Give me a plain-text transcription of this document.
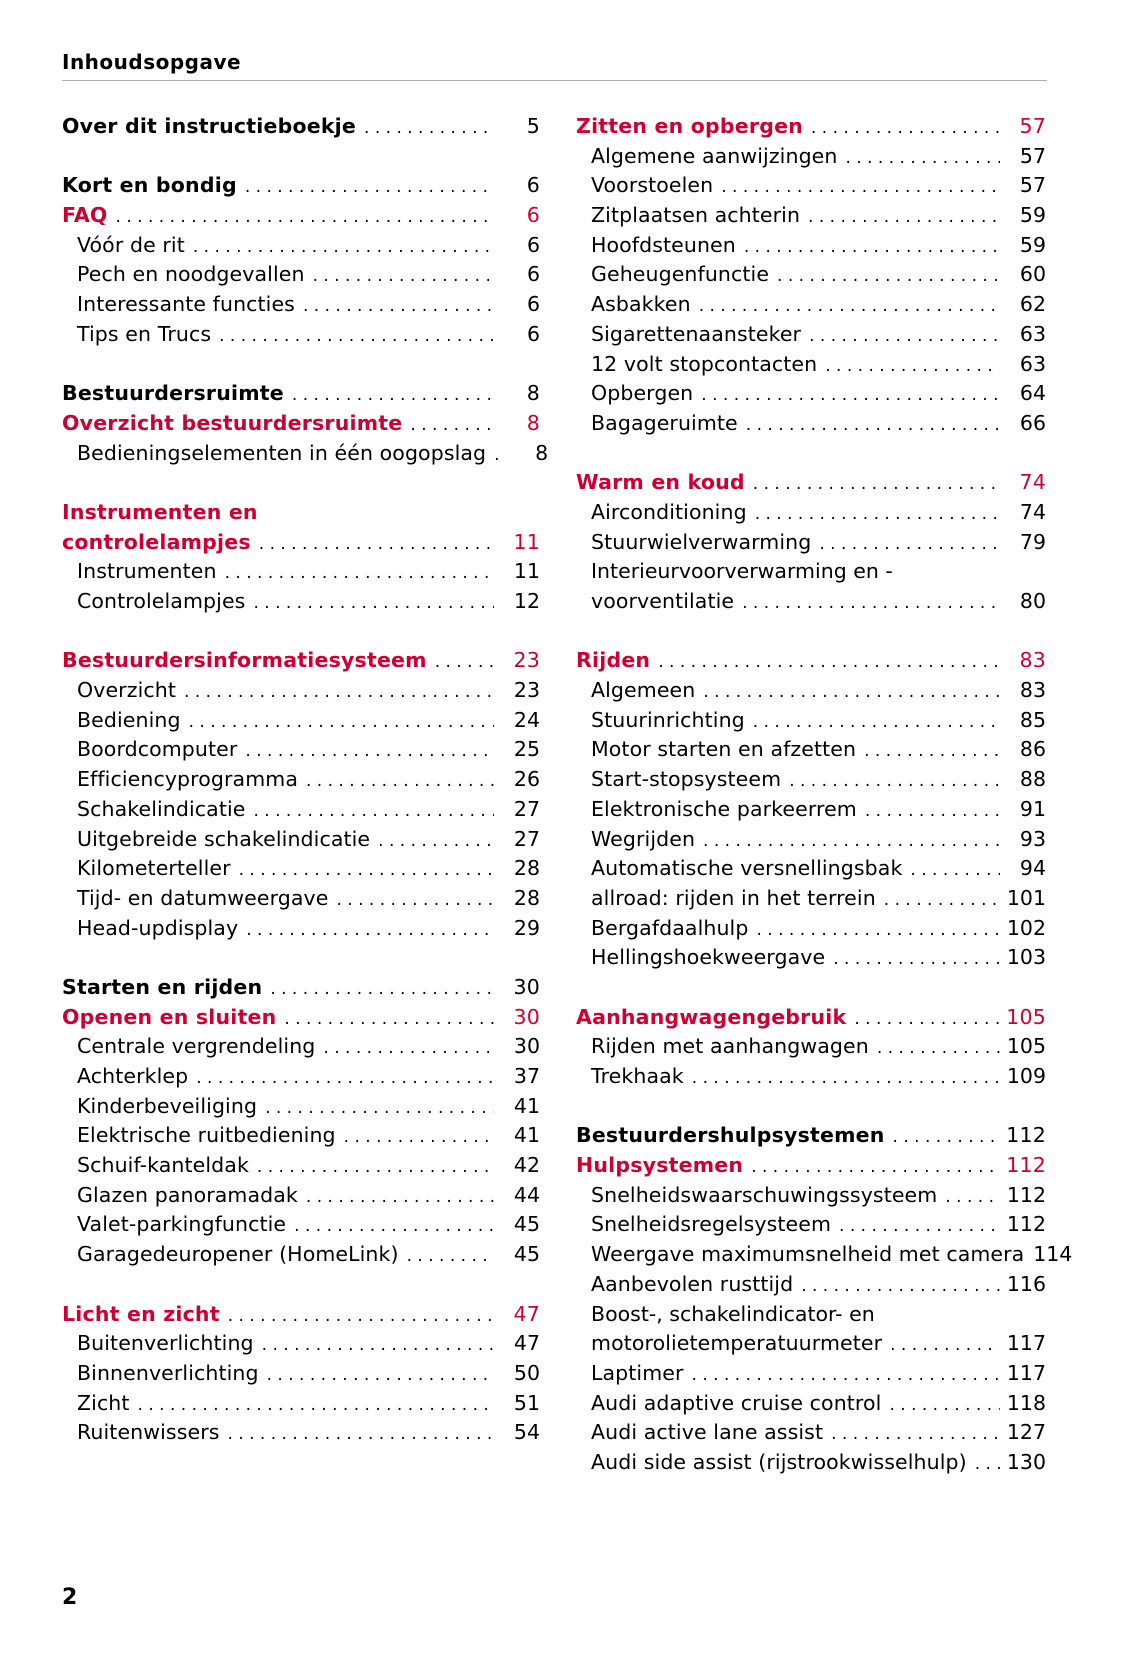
Inhoudsopgave
Over dit instructieboekje . . .	5
Kort en bondig . . .	6
FAQ . . .	6
Vóór de rit . . .	6
Pech en noodgevallen . . .	6
Interessante functies . . .	6
Tips en Trucs . . .	6
Bestuurdersruimte . . .	8
Overzicht bestuurdersruimte . . .	8
Bedieningselementen in één oogopslag . . .	8
Instrumenten en
controlelampjes . . .	11
Instrumenten . . .	11
Controlelampjes . . .	12
Bestuurdersinformatiesysteem . . .	23
Overzicht . . .	23
Bediening . . .	24
Boordcomputer . . .	25
Efficiencyprogramma . . .	26
Schakelindicatie . . .	27
Uitgebreide schakelindicatie . . .	27
Kilometerteller . . .	28
Tijd- en datumweergave . . .	28
Head-updisplay . . .	29
Starten en rijden . . .	30
Openen en sluiten . . .	30
Centrale vergrendeling . . .	30
Achterklep . . .	37
Kinderbeveiliging . . .	41
Elektrische ruitbediening . . .	41
Schuif-kanteldak . . .	42
Glazen panoramadak . . .	44
Valet-parkingfunctie . . .	45
Garagedeuropener (HomeLink) . . .	45
Licht en zicht . . .	47
Buitenverlichting . . .	47
Binnenverlichting . . .	50
Zicht . . .	51
Ruitenwissers . . .	54
Zitten en opbergen . . .	57
Algemene aanwijzingen . . .	57
Voorstoelen . . .	57
Zitplaatsen achterin . . .	59
Hoofdsteunen . . .	59
Geheugenfunctie . . .	60
Asbakken . . .	62
Sigarettenaansteker . . .	63
12 volt stopcontacten . . .	63
Opbergen . . .	64
Bagageruimte . . .	66
Warm en koud . . .	74
Airconditioning . . .	74
Stuurwielverwarming . . .	79
Interieurvoorverwarming en -
voorventilatie . . .	80
Rijden . . .	83
Algemeen . . .	83
Stuurinrichting . . .	85
Motor starten en afzetten . . .	86
Start-stopsysteem . . .	88
Elektronische parkeerrem . . .	91
Wegrijden . . .	93
Automatische versnellingsbak . . .	94
allroad: rijden in het terrein . . .	101
Bergafdaalhulp . . .	102
Hellingshoekweergave . . .	103
Aanhangwagengebruik . . .	105
Rijden met aanhangwagen . . .	105
Trekhaak . . .	109
Bestuurdershulpsystemen . . .	112
Hulpsystemen . . .	112
Snelheidswaarschuwingssysteem . . .	112
Snelheidsregelsysteem . . .	112
Weergave maximumsnelheid met camera 114
Aanbevolen rusttijd . . .	116
Boost-, schakelindicator- en
motorolietemperatuurmeter . . .	117
Laptimer . . .	117
Audi adaptive cruise control . . .	118
Audi active lane assist . . .	127
Audi side assist (rijstrookwisselhulp) . . . 130
2
